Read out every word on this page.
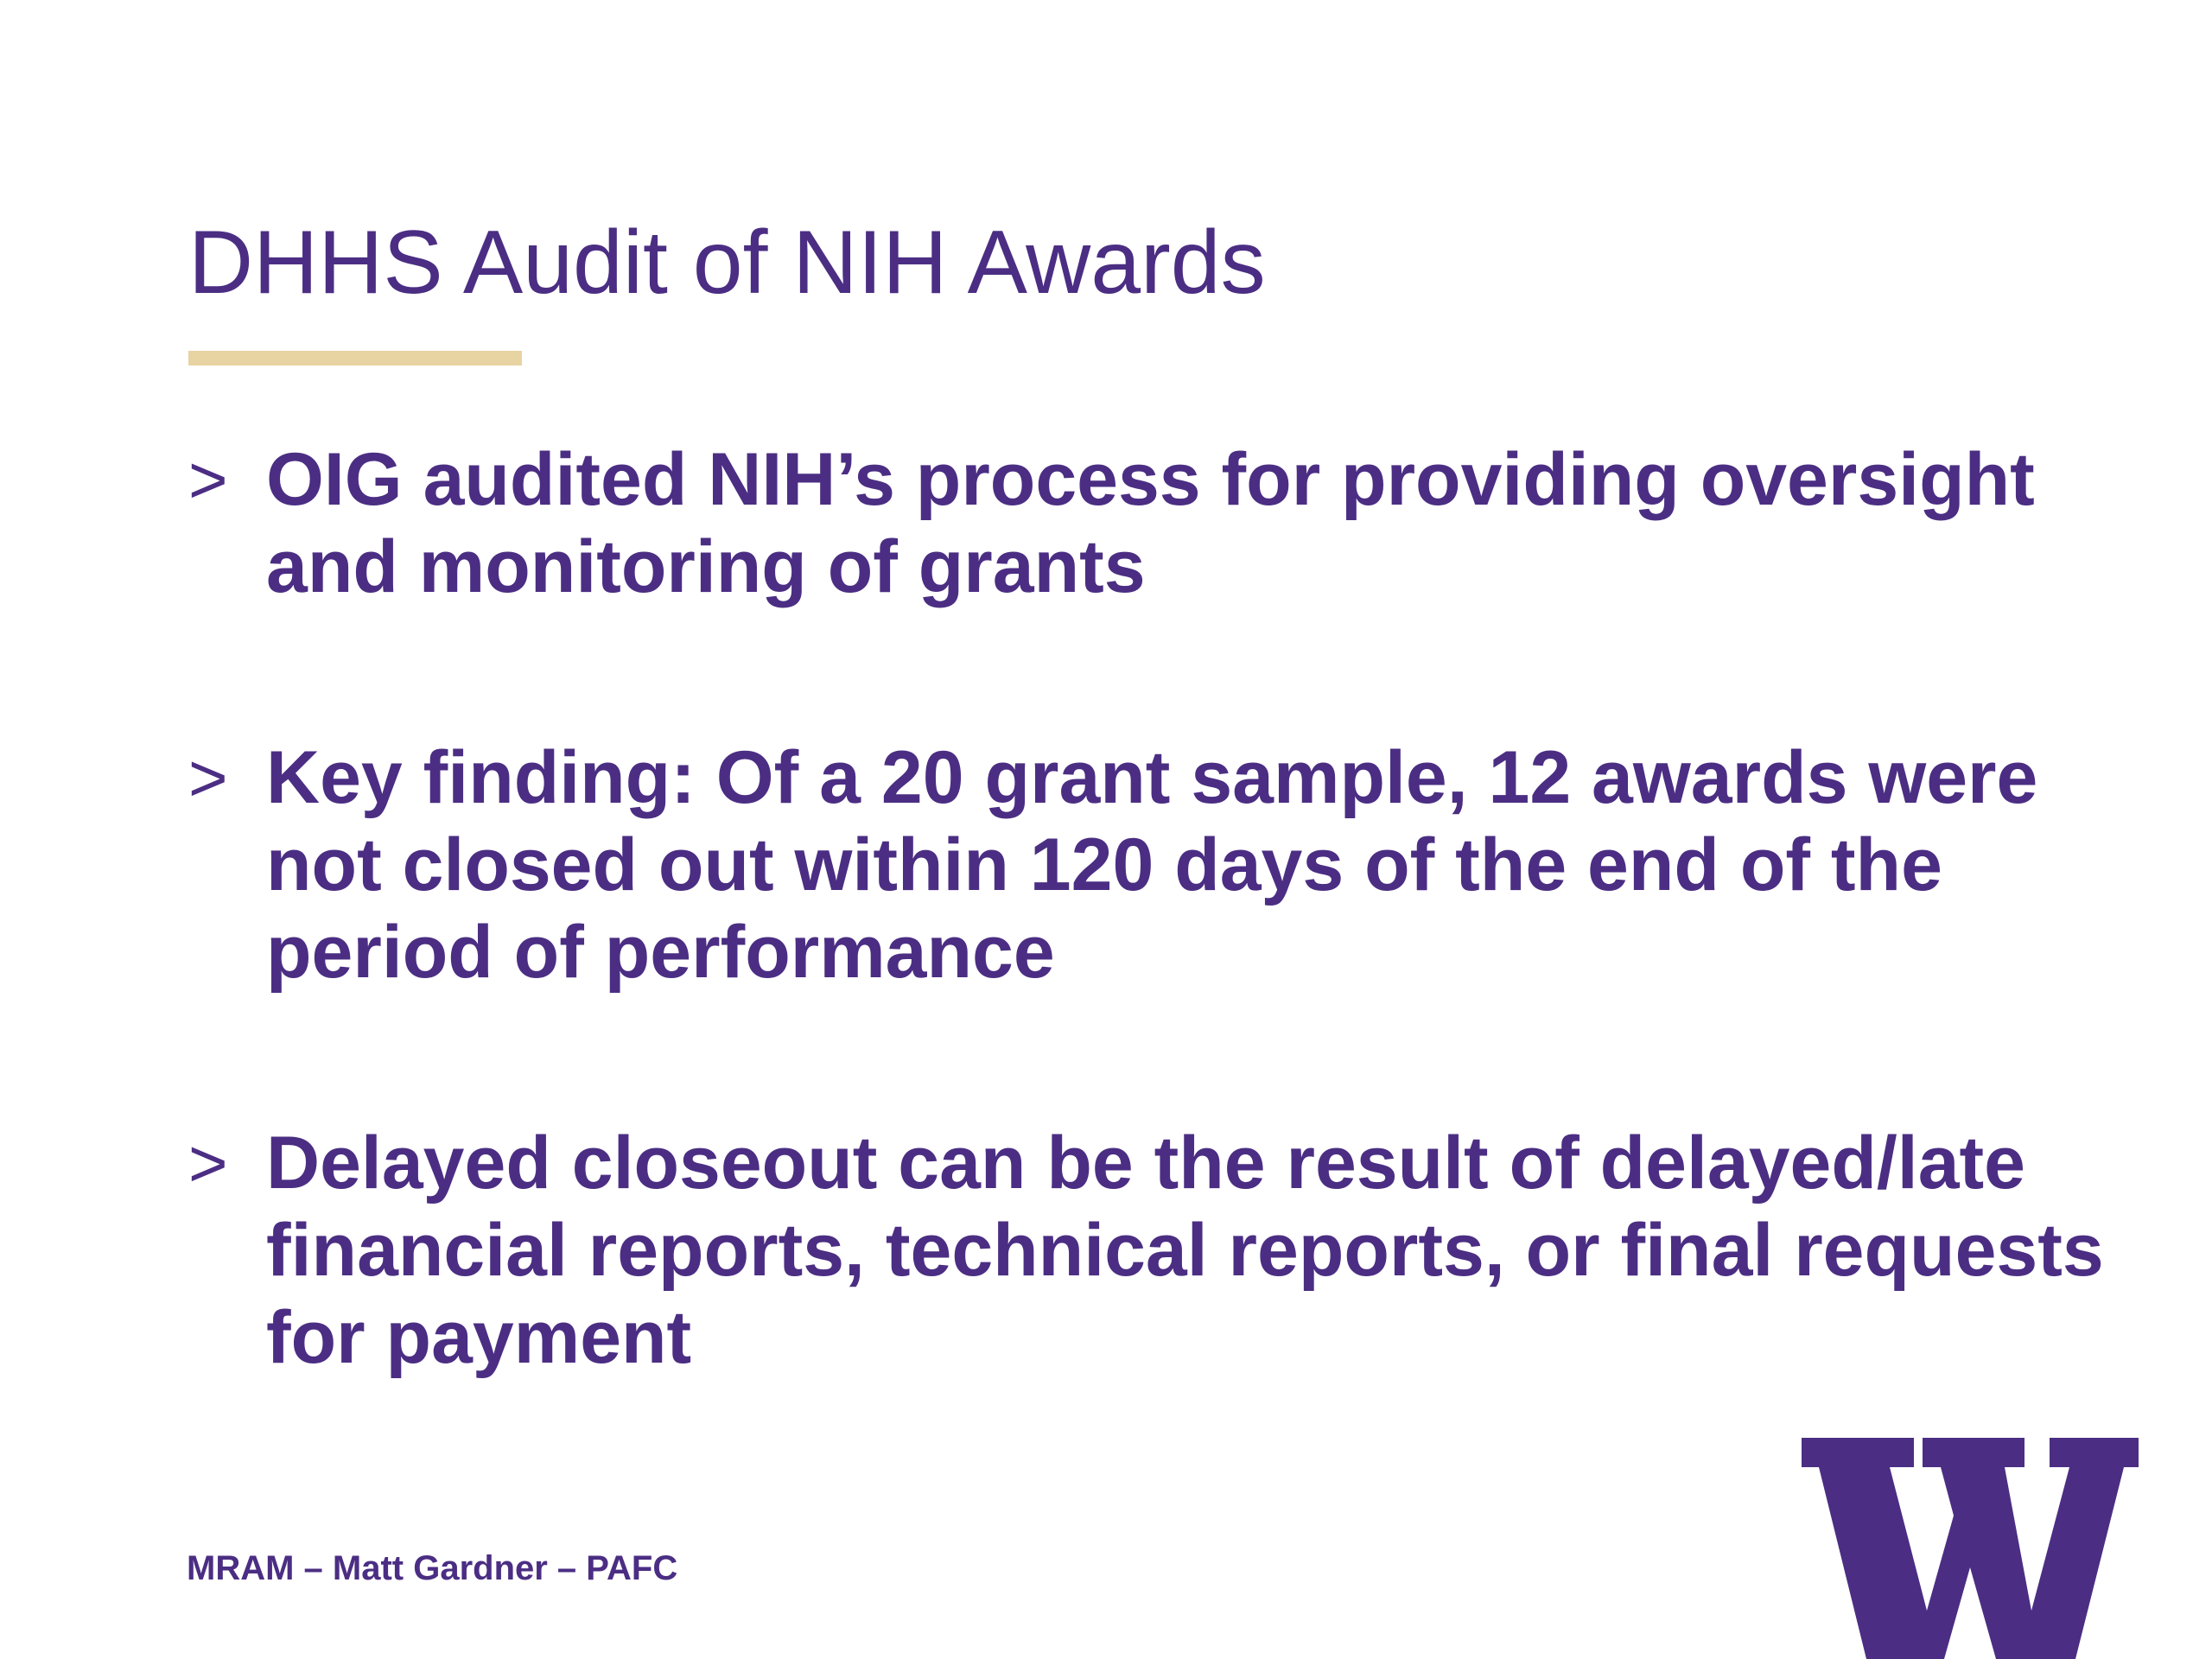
DHHS Audit of NIH Awards
> OIG audited NIH’s process for providing oversight and monitoring of grants
> Key finding: Of a 20 grant sample, 12 awards were not closed out within 120 days of the end of the period of performance
> Delayed closeout can be the result of delayed/late financial reports, technical reports, or final requests for payment
MRAM – Matt Gardner – PAFC
